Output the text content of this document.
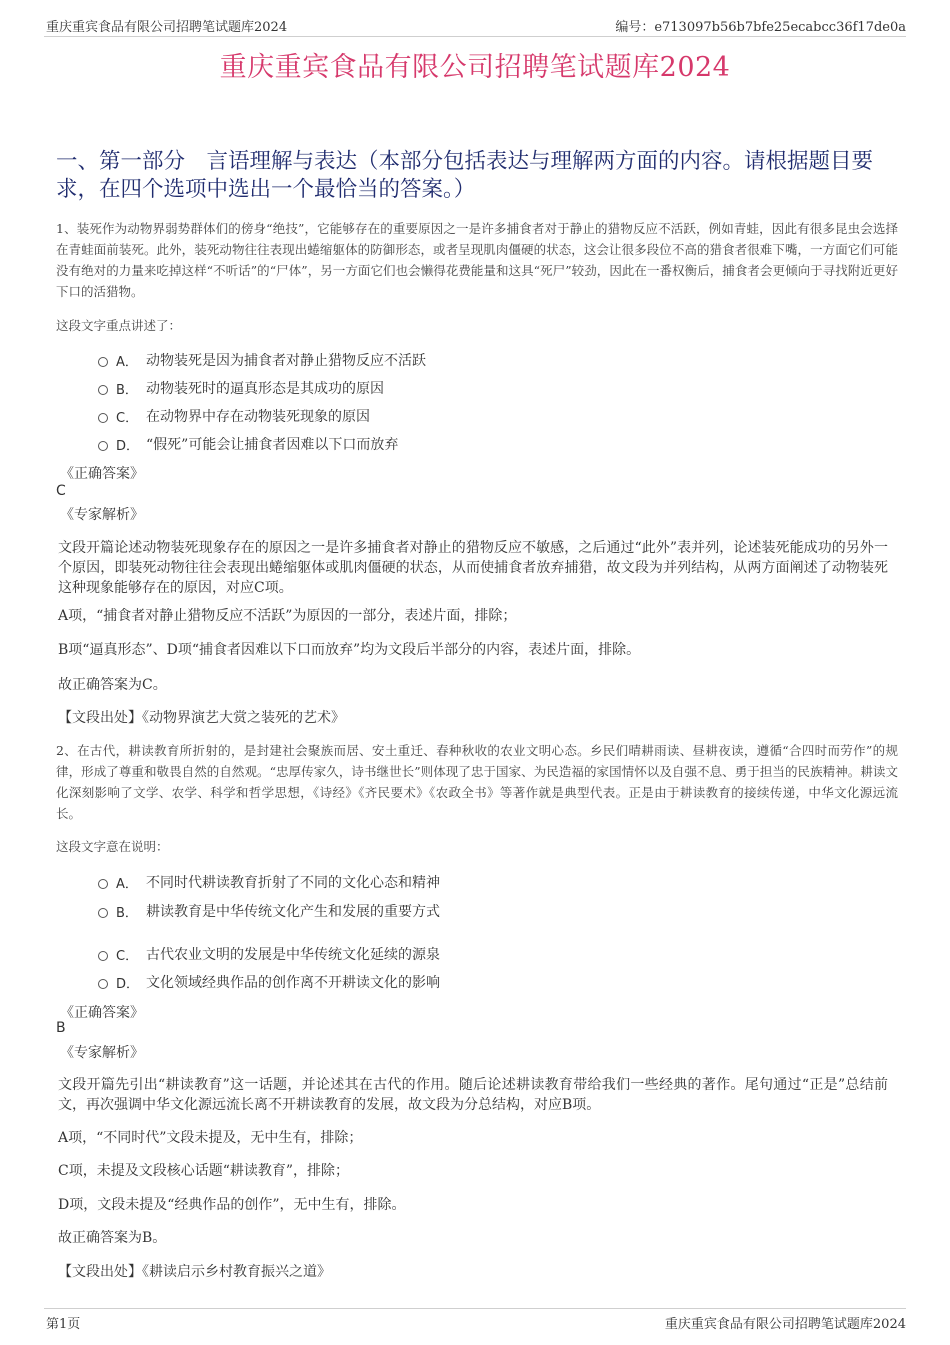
重庆重宾食品有限公司招聘笔试题库2024	编号：e713097b56b7bfe25ecabcc36f17de0a
重庆重宾食品有限公司招聘笔试题库2024
一、第一部分　言语理解与表达（本部分包括表达与理解两方面的内容。请根据题目要求，在四个选项中选出一个最恰当的答案。）
1、装死作为动物界弱势群体们的傍身“绝技”，它能够存在的重要原因之一是许多捕食者对于静止的猎物反应不活跃，例如青蛙，因此有很多昆虫会选择在青蛙面前装死。此外，装死动物往往表现出蜷缩躯体的防御形态，或者呈现肌肉僵硬的状态，这会让很多段位不高的猎食者很难下嘴，一方面它们可能没有绝对的力量来吃掉这样“不听话”的“尸体”，另一方面它们也会懒得花费能量和这具“死尸”较劲，因此在一番权衡后，捕食者会更倾向于寻找附近更好下口的活猎物。
这段文字重点讲述了：
A． 动物装死是因为捕食者对静止猎物反应不活跃
B． 动物装死时的逼真形态是其成功的原因
C． 在动物界中存在动物装死现象的原因
D． “假死”可能会让捕食者因难以下口而放弃
《正确答案》
C
《专家解析》
文段开篇论述动物装死现象存在的原因之一是许多捕食者对静止的猎物反应不敏感，之后通过“此外”表并列，论述装死能成功的另外一个原因，即装死动物往往会表现出蜷缩躯体或肌肉僵硬的状态，从而使捕食者放弃捕猎，故文段为并列结构，从两方面阐述了动物装死这种现象能够存在的原因，对应C项。
A项，“捕食者对静止猎物反应不活跃”为原因的一部分，表述片面，排除；
B项“逼真形态”、D项“捕食者因难以下口而放弃”均为文段后半部分的内容，表述片面，排除。
故正确答案为C。
【文段出处】《动物界演艺大赏之装死的艺术》
2、在古代，耕读教育所折射的，是封建社会聚族而居、安土重迁、春种秋收的农业文明心态。乡民们晴耕雨读、昼耕夜读，遵循“合四时而劳作”的规律，形成了尊重和敬畏自然的自然观。“忠厚传家久，诗书继世长”则体现了忠于国家、为民造福的家国情怀以及自强不息、勇于担当的民族精神。耕读文化深刻影响了文学、农学、科学和哲学思想，《诗经》《齐民要术》《农政全书》等著作就是典型代表。正是由于耕读教育的接续传递，中华文化源远流长。
这段文字意在说明：
A． 不同时代耕读教育折射了不同的文化心态和精神
B． 耕读教育是中华传统文化产生和发展的重要方式
C． 古代农业文明的发展是中华传统文化延续的源泉
D． 文化领域经典作品的创作离不开耕读文化的影响
《正确答案》
B
《专家解析》
文段开篇先引出“耕读教育”这一话题，并论述其在古代的作用。随后论述耕读教育带给我们一些经典的著作。尾句通过“正是”总结前文，再次强调中华文化源远流长离不开耕读教育的发展，故文段为分总结构，对应B项。
A项，“不同时代”文段未提及，无中生有，排除；
C项，未提及文段核心话题“耕读教育”，排除；
D项，文段未提及“经典作品的创作”，无中生有，排除。
故正确答案为B。
【文段出处】《耕读启示乡村教育振兴之道》
第1页	重庆重宾食品有限公司招聘笔试题库2024
